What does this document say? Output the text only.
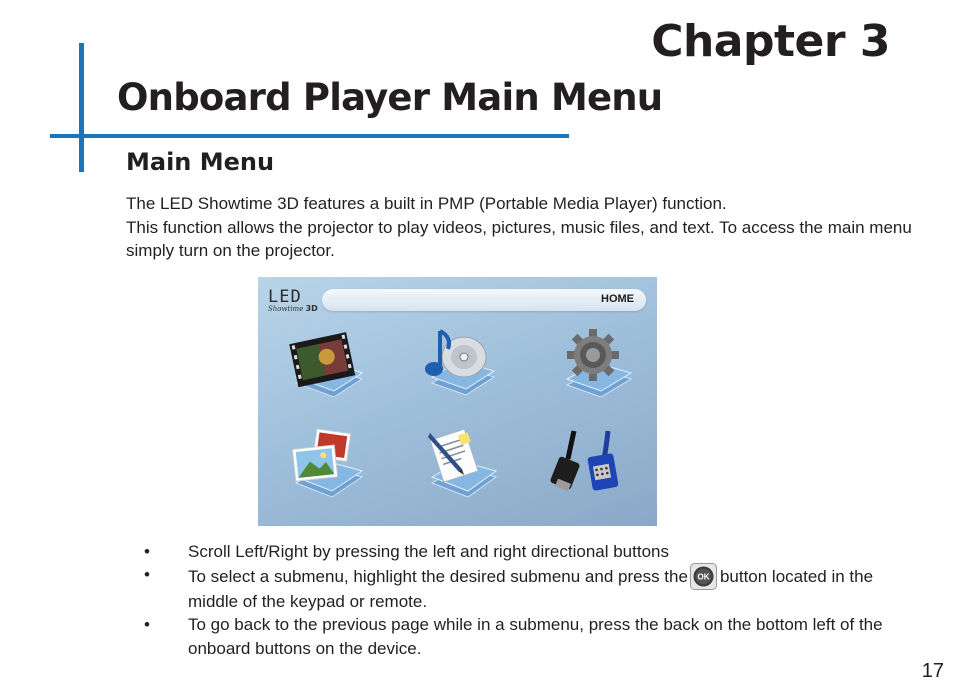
Chapter 3
Onboard Player Main Menu
Main Menu

The LED Showtime 3D features a built in PMP (Portable Media Player) function.

This function allows the projector to play videos, pictures, music files, and text. To access the main menu simply turn on the projector.

LED
Showtime 3D
HOME
• Scroll Left/Right by pressing the left and right directional buttons
• To select a submenu, highlight the desired submenu and press the OK button located in the middle of the keypad or remote.
• To go back to the previous page while in a submenu, press the back on the bottom left of the onboard buttons on the device.
17
